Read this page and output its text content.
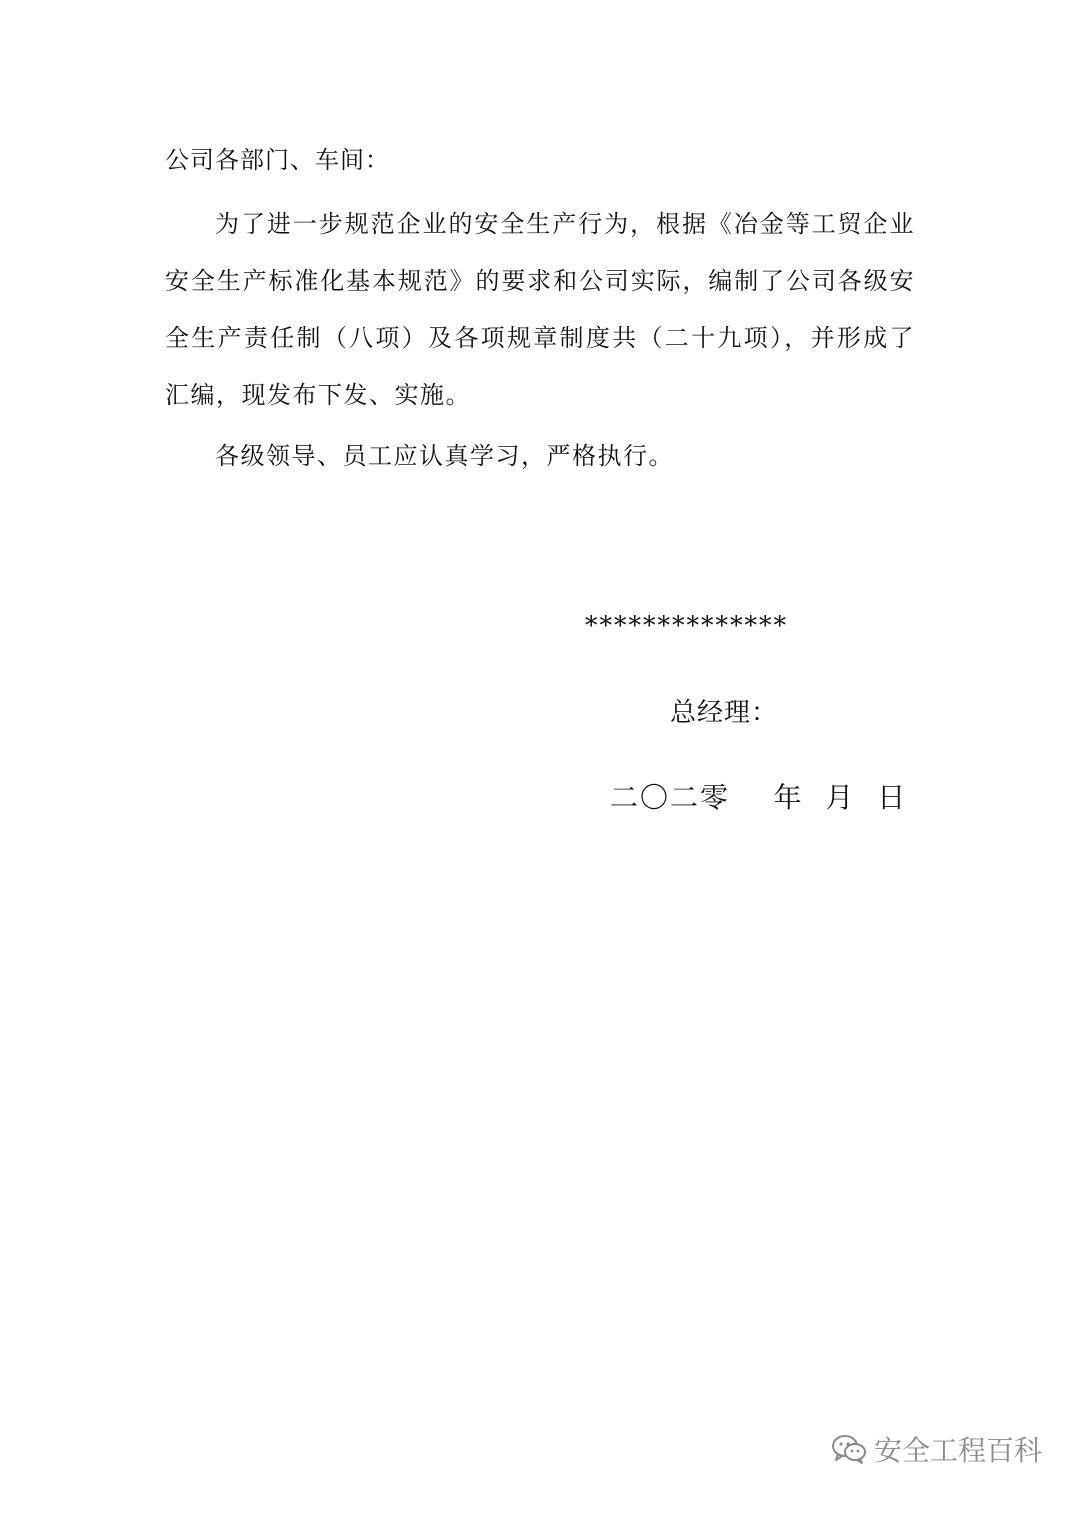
公司各部门、车间：

为了进一步规范企业的安全生产行为，根据《冶金等工贸企业安全生产标准化基本规范》的要求和公司实际，编制了公司各级安全生产责任制（八项）及各项规章制度共（二十九项），并形成了汇编，现发布下发、实施。

各级领导、员工应认真学习，严格执行。

**************
总经理：
二〇二零    年  月  日
安全工程百科
